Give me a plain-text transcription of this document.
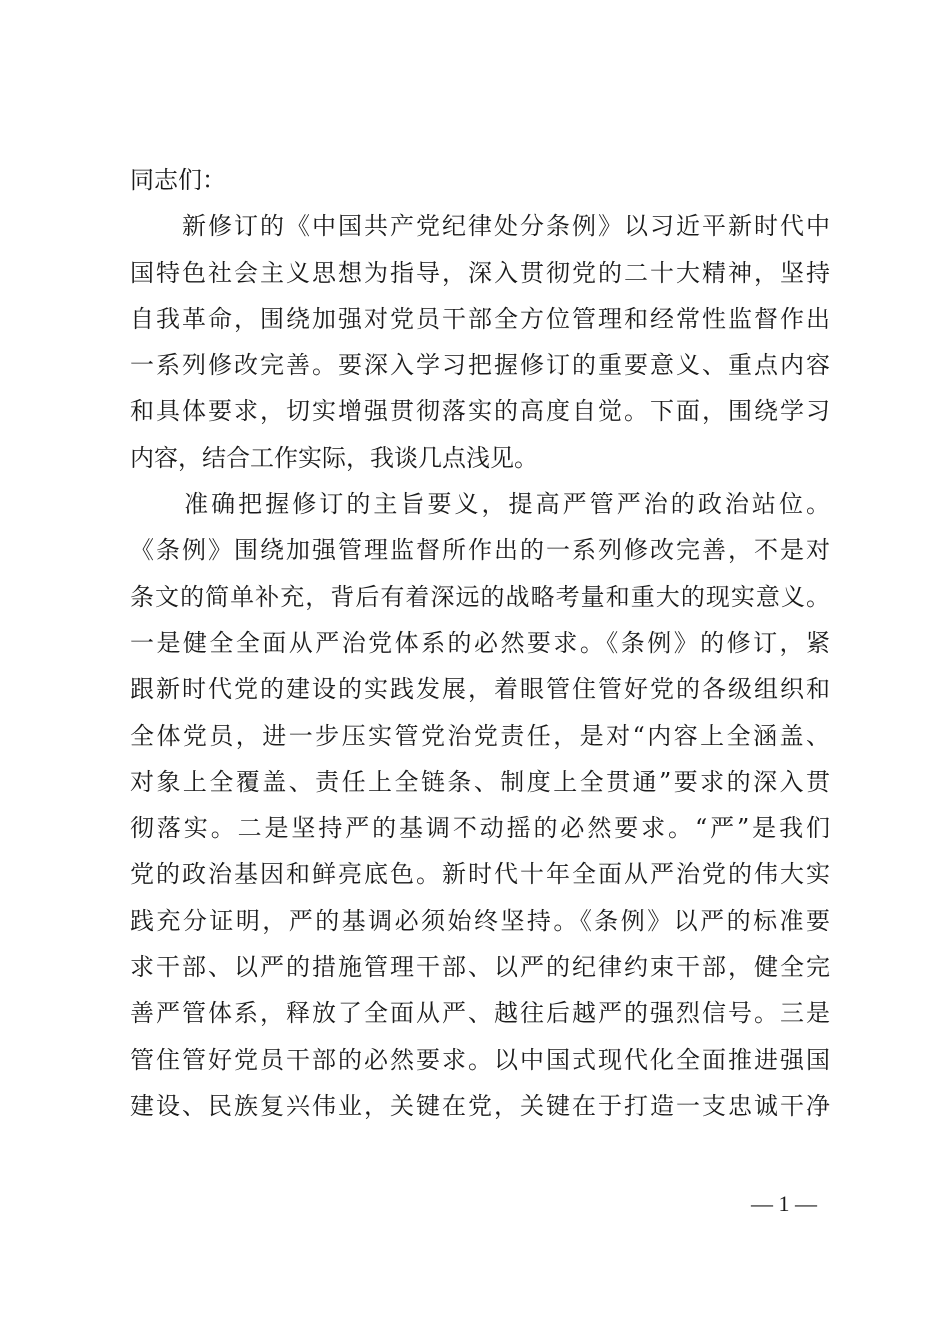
同志们：
　　新修订的《中国共产党纪律处分条例》以习近平新时代中
国特色社会主义思想为指导，深入贯彻党的二十大精神，坚持
自我革命，围绕加强对党员干部全方位管理和经常性监督作出
一系列修改完善。要深入学习把握修订的重要意义、重点内容
和具体要求，切实增强贯彻落实的高度自觉。下面，围绕学习
内容，结合工作实际，我谈几点浅见。
　　准确把握修订的主旨要义，提高严管严治的政治站位。
《条例》围绕加强管理监督所作出的一系列修改完善，不是对
条文的简单补充，背后有着深远的战略考量和重大的现实意义。
一是健全全面从严治党体系的必然要求。《条例》的修订，紧
跟新时代党的建设的实践发展，着眼管住管好党的各级组织和
全体党员，进一步压实管党治党责任，是对“内容上全涵盖、
对象上全覆盖、责任上全链条、制度上全贯通”要求的深入贯
彻落实。二是坚持严的基调不动摇的必然要求。“严”是我们
党的政治基因和鲜亮底色。新时代十年全面从严治党的伟大实
践充分证明，严的基调必须始终坚持。《条例》以严的标准要
求干部、以严的措施管理干部、以严的纪律约束干部，健全完
善严管体系，释放了全面从严、越往后越严的强烈信号。三是
管住管好党员干部的必然要求。以中国式现代化全面推进强国
建设、民族复兴伟业，关键在党，关键在于打造一支忠诚干净
— 1 —
